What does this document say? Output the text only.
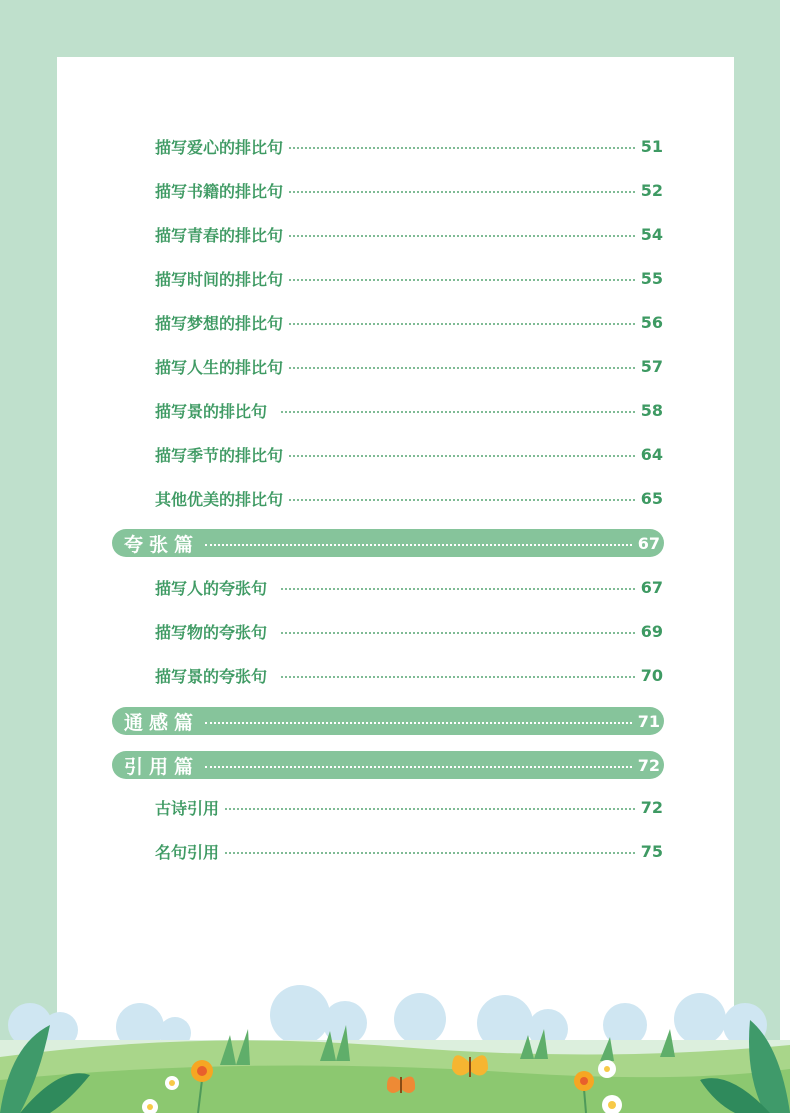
描写爱心的排比句	51
描写书籍的排比句	52
描写青春的排比句	54
描写时间的排比句	55
描写梦想的排比句	56
描写人生的排比句	57
描写景的排比句	58
描写季节的排比句	64
其他优美的排比句	65
夸张篇	67
描写人的夸张句	67
描写物的夸张句	69
描写景的夸张句	70
通感篇	71
引用篇	72
古诗引用	72
名句引用	75
